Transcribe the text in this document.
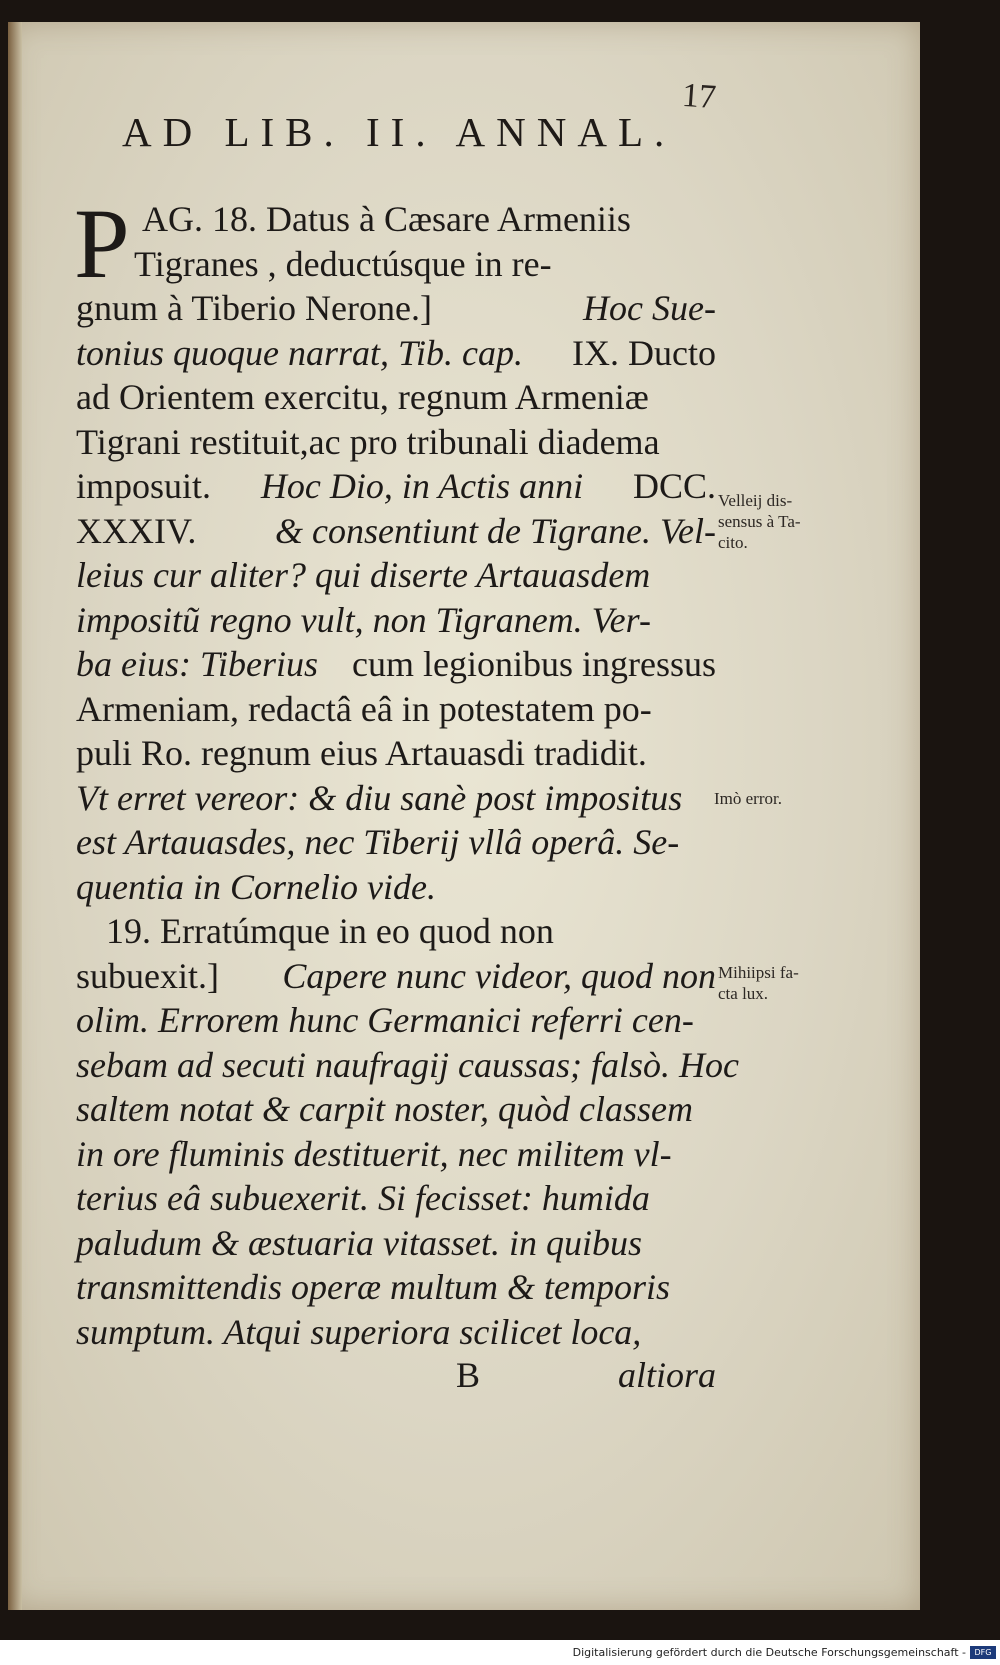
17
AD LIB. II. ANNAL.
P AG. 18. Datus à Cæsare Armeniis
Tigranes , deductúsque in re-
gnum à Tiberio Nerone.]	Hoc Sue-
tonius quoque narrat, Tib. cap. IX. Ducto
ad Orientem exercitu, regnum Armeniæ
Tigrani restituit,ac pro tribunali diadema
imposuit. Hoc Dio, in Actis anni DCC.
XXXIV. & consentiunt de Tigrane. Vel-
leius cur aliter? qui diserte Artauasdem
impositũ regno vult, non Tigranem. Ver-
ba eius: Tiberius cum legionibus ingressus
Armeniam, redactâ eâ in potestatem po-
puli Ro. regnum eius Artauasdi tradidit.
Vt erret vereor: & diu sanè post impositus
est Artauasdes, nec Tiberij vllâ operâ. Se-
quentia in Cornelio vide.
19. Erratúmque in eo quod non
subuexit.] Capere nunc videor, quod non
olim. Errorem hunc Germanici referri cen-
sebam ad secuti naufragij caussas; falsò. Hoc
saltem notat & carpit noster, quòd classem
in ore fluminis destituerit, nec militem vl-
terius eâ subuexerit. Si fecisset: humida
paludum & æstuaria vitasset. in quibus
transmittendis operæ multum & temporis
sumptum. Atqui superiora scilicet loca,
Velleij dis- sensus à Ta- cito.
Imò error.
Mihiipsi fa- cta lux.
B	altiora
Digitalisierung gefördert durch die Deutsche Forschungsgemeinschaft -	DFG
